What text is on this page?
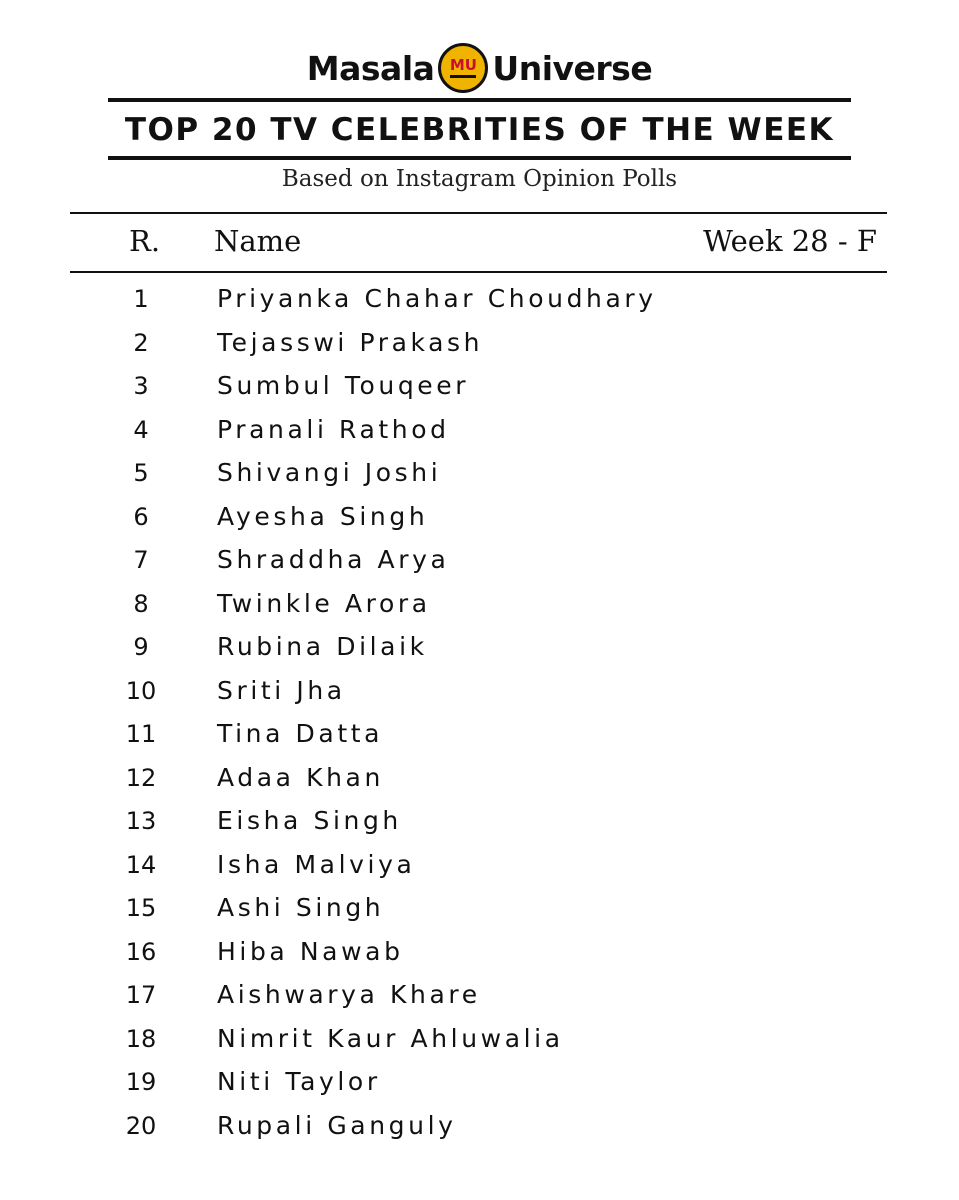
Masala MU Universe
TOP 20 TV CELEBRITIES OF THE WEEK
Based on Instagram Opinion Polls
R. Name	Week 28 - F
1	Priyanka Chahar Choudhary
2	Tejasswi Prakash
3	Sumbul Touqeer
4	Pranali Rathod
5	Shivangi Joshi
6	Ayesha Singh
7	Shraddha Arya
8	Twinkle Arora
9	Rubina Dilaik
10	Sriti Jha
11	Tina Datta
12	Adaa Khan
13	Eisha Singh
14	Isha Malviya
15	Ashi Singh
16	Hiba Nawab
17	Aishwarya Khare
18	Nimrit Kaur Ahluwalia
19	Niti Taylor
20	Rupali Ganguly
